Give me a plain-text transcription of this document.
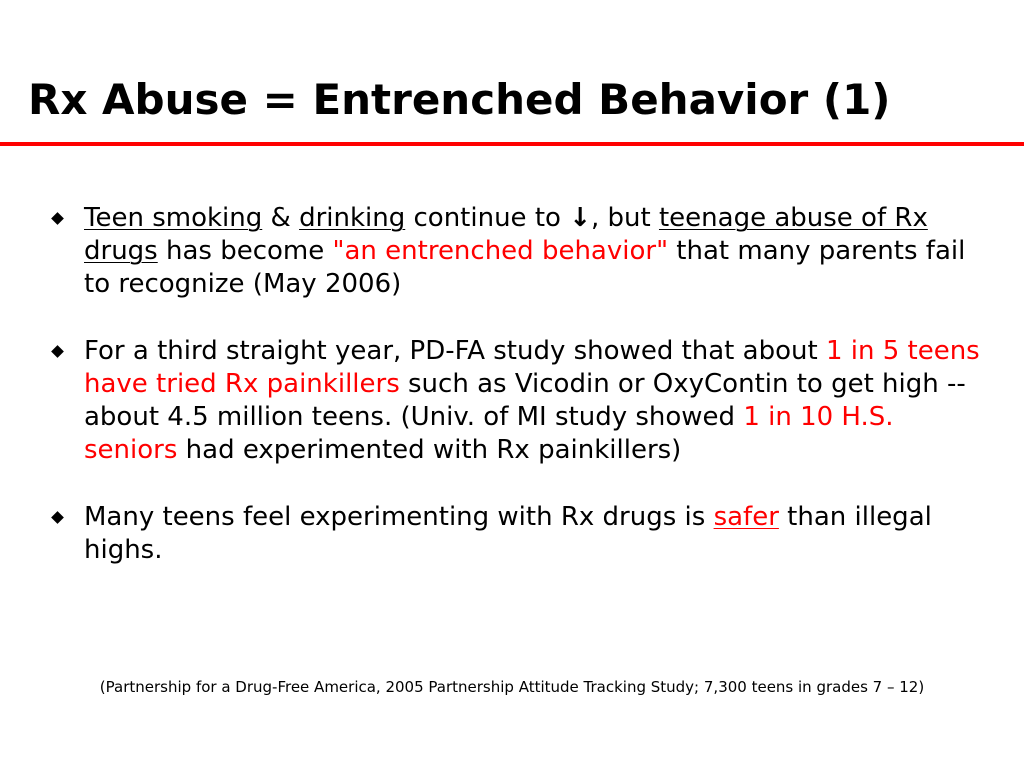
Rx Abuse = Entrenched Behavior (1)
Teen smoking & drinking continue to ↓, but teenage abuse of Rx drugs has become "an entrenched behavior" that many parents fail to recognize (May 2006)
For a third straight year, PD-FA study showed that about 1 in 5 teens have tried Rx painkillers such as Vicodin or OxyContin to get high -- about 4.5 million teens. (Univ. of MI study showed 1 in 10 H.S. seniors had experimented with Rx painkillers)
Many teens feel experimenting with Rx drugs is safer than illegal highs.
(Partnership for a Drug-Free America, 2005 Partnership Attitude Tracking Study; 7,300 teens in grades 7 – 12)
